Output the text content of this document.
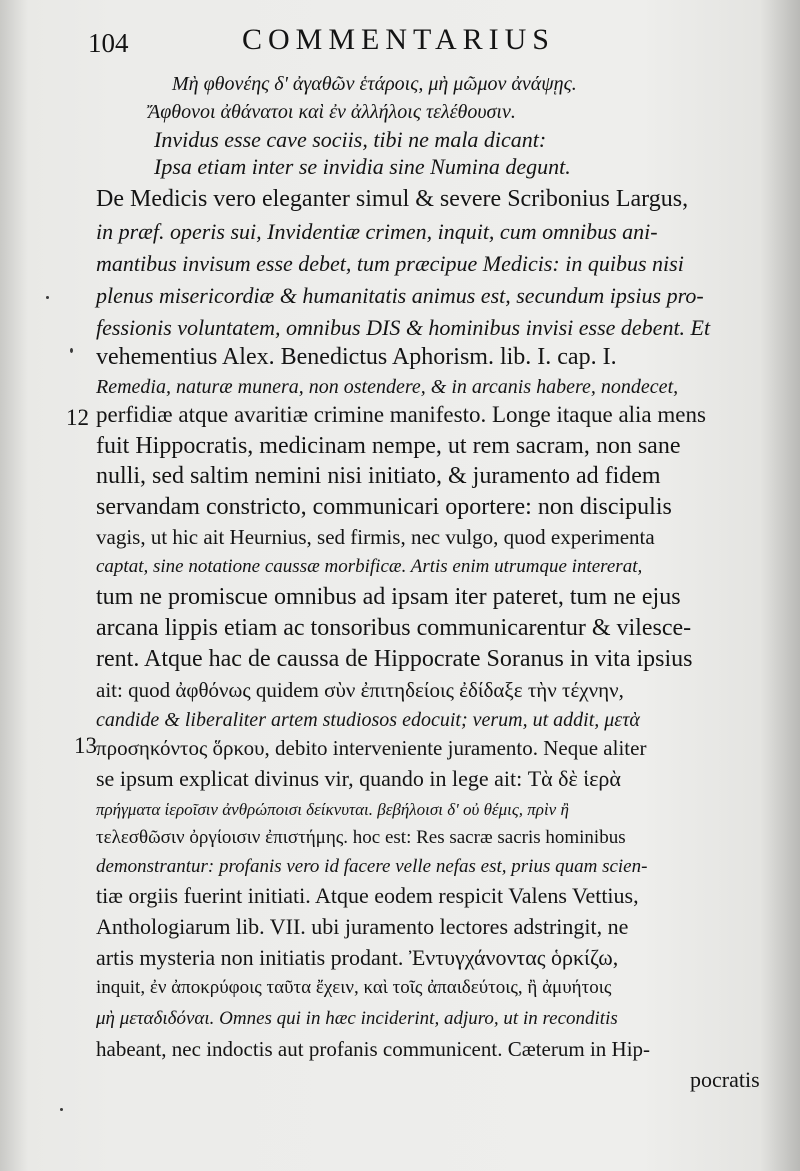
104	COMMENTARIUS
12
13
Μὴ φθονέης δ' ἀγαθῶν ἑτάροις, μὴ μῶμον ἀνάψῃς.
Ἄφθονοι ἀθάνατοι καὶ ἐν ἀλλήλοις τελέθουσιν.
Invidus esse cave sociis, tibi ne mala dicant:
Ipsa etiam inter se invidia sine Numina degunt.
De Medicis vero eleganter simul & severe Scribonius Largus,
in præf. operis sui, Invidentiæ crimen, inquit, cum omnibus ani-
mantibus invisum esse debet, tum præcipue Medicis: in quibus nisi
plenus misericordiæ & humanitatis animus est, secundum ipsius pro-
fessionis voluntatem, omnibus DIS & hominibus invisi esse debent. Et
vehementius Alex. Benedictus Aphorism. lib. I. cap. I.
Remedia, naturæ munera, non ostendere, & in arcanis habere, nondecet,
perfidiæ atque avaritiæ crimine manifesto. Longe itaque alia mens
fuit Hippocratis, medicinam nempe, ut rem sacram, non sane
nulli, sed saltim nemini nisi initiato, & juramento ad fidem
servandam constricto, communicari oportere: non discipulis
vagis, ut hic ait Heurnius, sed firmis, nec vulgo, quod experimenta
captat, sine notatione caussæ morbificæ. Artis enim utrumque intererat,
tum ne promiscue omnibus ad ipsam iter pateret, tum ne ejus
arcana lippis etiam ac tonsoribus communicarentur & vilesce-
rent. Atque hac de caussa de Hippocrate Soranus in vita ipsius
ait: quod ἀφθόνως quidem σὺν ἐπιτηδείοις ἐδίδαξε τὴν τέχνην,
candide & liberaliter artem studiosos edocuit; verum, ut addit, μετὰ
προσηκόντος ὅρκου, debito interveniente juramento. Neque aliter
se ipsum explicat divinus vir, quando in lege ait: Τὰ δὲ ἱερὰ
πρήγματα ἱεροῖσιν ἀνθρώποισι δείκνυται. βεβήλοισι δ' οὐ θέμις, πρὶν ἢ
τελεσθῶσιν ὀργίοισιν ἐπιστήμης. hoc est: Res sacræ sacris hominibus
demonstrantur: profanis vero id facere velle nefas est, prius quam scien-
tiæ orgiis fuerint initiati. Atque eodem respicit Valens Vettius,
Anthologiarum lib. VII. ubi juramento lectores adstringit, ne
artis mysteria non initiatis prodant. Ἐντυγχάνοντας ὁρκίζω,
inquit, ἐν ἀποκρύφοις ταῦτα ἔχειν, καὶ τοῖς ἀπαιδεύτοις, ἢ ἀμυήτοις
μὴ μεταδιδόναι. Omnes qui in hæc inciderint, adjuro, ut in reconditis
habeant, nec indoctis aut profanis communicent. Cæterum in Hip-
pocratis
